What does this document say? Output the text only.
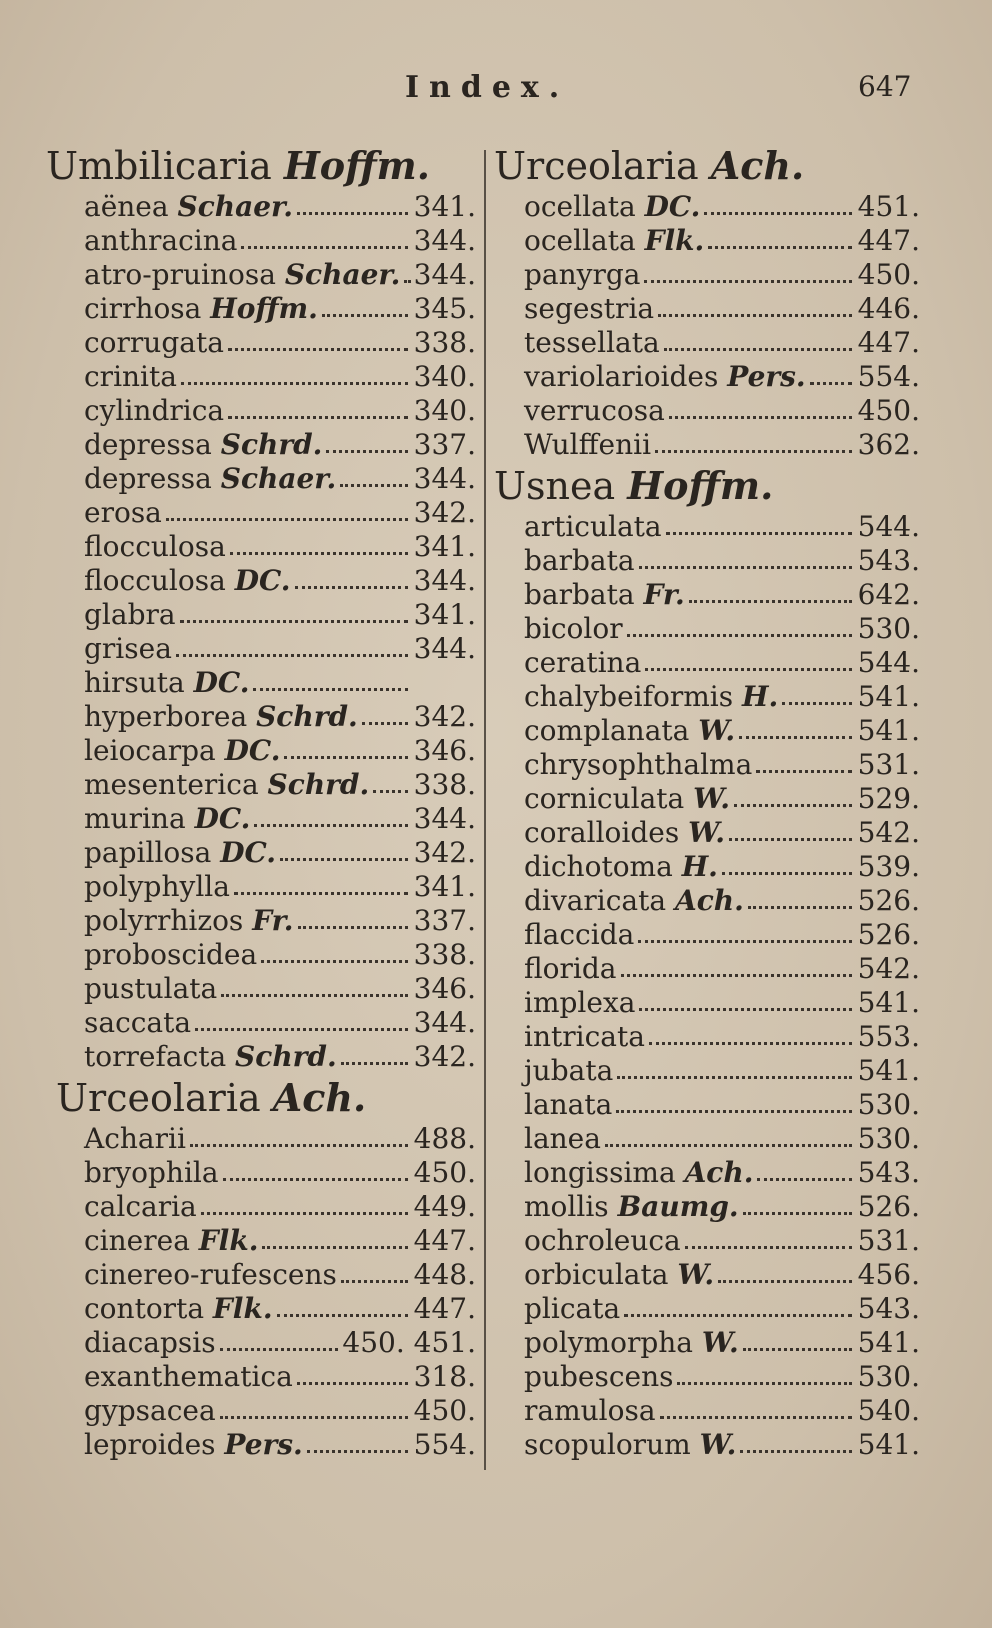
Index.	647
Umbilicaria Hoffm.
aënea Schaer.	341.
anthracina	344.
atro-pruinosa Schaer. 344.
cirrhosa Hoffm.	345.
corrugata	338.
crinita	340.
cylindrica	340.
depressa Schrd.	337.
depressa Schaer.	344.
erosa	342.
flocculosa	341.
flocculosa DC.	344.
glabra	341.
grisea	344.
hirsuta DC.
hyperborea Schrd. 342.
leiocarpa DC.	346.
mesenterica Schrd. 338.
murina DC.	344.
papillosa DC.	342.
polyphylla	341.
polyrrhizos Fr.	337.
proboscidea	338.
pustulata	346.
saccata	344.
torrefacta Schrd.	342.
Urceolaria Ach.
Acharii	488.
bryophila	450.
calcaria	449.
cinerea Flk.	447.
cinereo-rufescens	448.
contorta Flk.	447.
diacapsis	450. 451.
exanthematica	318.
gypsacea	450.
leproides Pers.	554.
Urceolaria Ach.
ocellata DC.	451.
ocellata Flk.	447.
panyrga	450.
segestria	446.
tessellata	447.
variolarioides Pers. 554.
verrucosa	450.
Wulffenii	362.
Usnea Hoffm.
articulata	544.
barbata	543.
barbata Fr.	642.
bicolor	530.
ceratina	544.
chalybeiformis H.	541.
complanata W.	541.
chrysophthalma	531.
corniculata W.	529.
coralloides W.	542.
dichotoma H.	539.
divaricata Ach.	526.
flaccida	526.
florida	542.
implexa	541.
intricata	553.
jubata	541.
lanata	530.
lanea	530.
longissima Ach.	543.
mollis Baumg.	526.
ochroleuca	531.
orbiculata W.	456.
plicata	543.
polymorpha W.	541.
pubescens	530.
ramulosa	540.
scopulorum W.	541.
